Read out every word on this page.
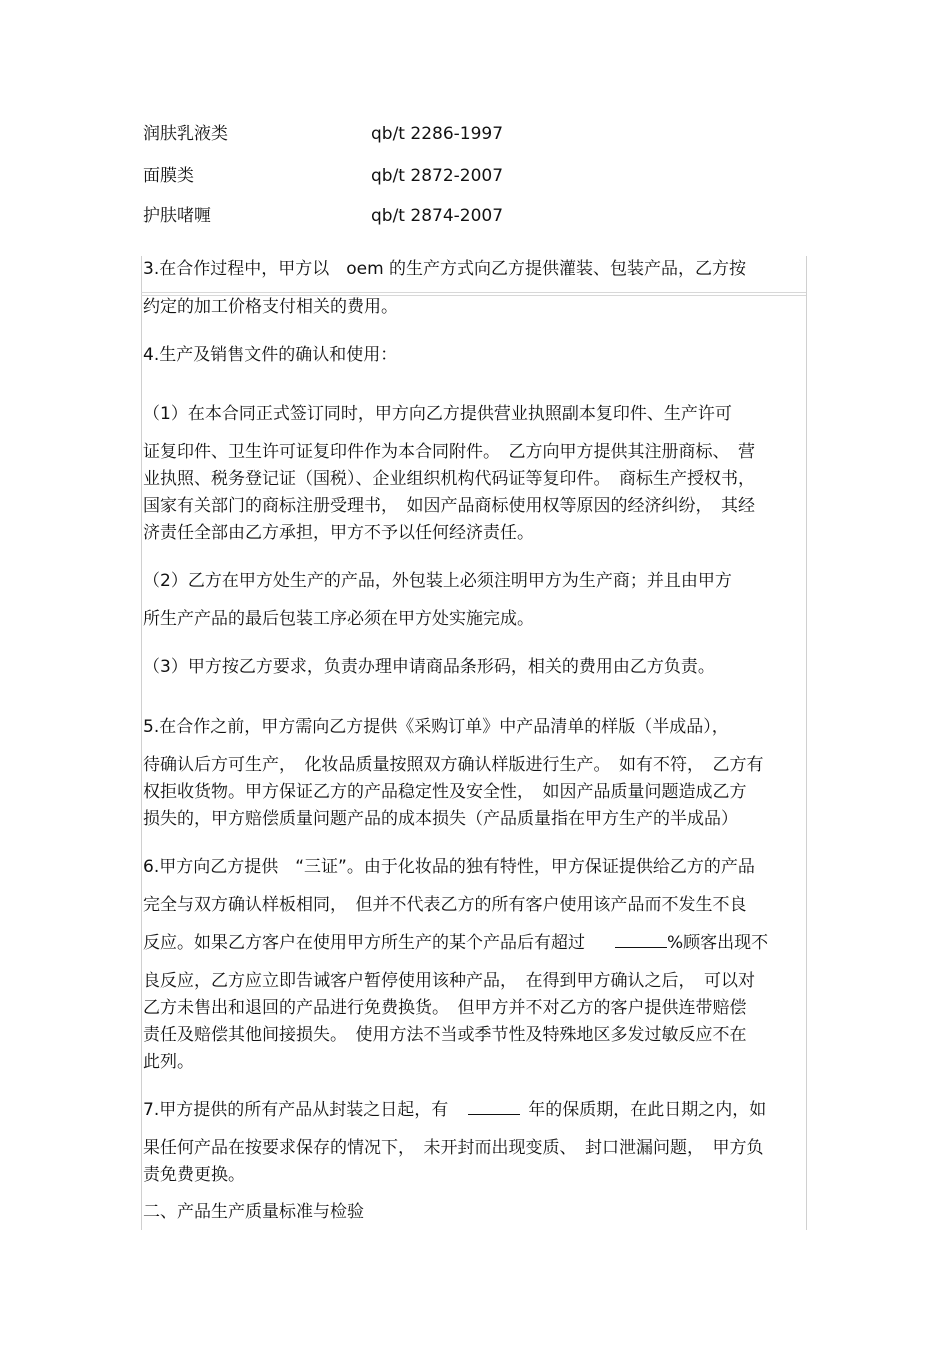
润肤乳液类	qb/t 2286-1997
面膜类	qb/t 2872-2007
护肤啫喱	qb/t 2874-2007
3.在合作过程中，甲方以　oem 的生产方式向乙方提供灌装、包装产品，乙方按
约定的加工价格支付相关的费用。
4.生产及销售文件的确认和使用：
（1）在本合同正式签订同时，甲方向乙方提供营业执照副本复印件、生产许可
证复印件、卫生许可证复印件作为本合同附件。　乙方向甲方提供其注册商标、　营
业执照、税务登记证（国税）、企业组织机构代码证等复印件。　商标生产授权书，
国家有关部门的商标注册受理书，　如因产品商标使用权等原因的经济纠纷，　其经
济责任全部由乙方承担，甲方不予以任何经济责任。
（2）乙方在甲方处生产的产品，外包装上必须注明甲方为生产商；并且由甲方
所生产产品的最后包装工序必须在甲方处实施完成。
（3）甲方按乙方要求，负责办理申请商品条形码，相关的费用由乙方负责。
5.在合作之前，甲方需向乙方提供《采购订单》中产品清单的样版（半成品），
待确认后方可生产，　化妆品质量按照双方确认样版进行生产。　如有不符，　乙方有
权拒收货物。甲方保证乙方的产品稳定性及安全性，　如因产品质量问题造成乙方
损失的，甲方赔偿质量问题产品的成本损失（产品质量指在甲方生产的半成品）
6.甲方向乙方提供　“三证”。由于化妆品的独有特性，甲方保证提供给乙方的产品
完全与双方确认样板相同，　但并不代表乙方的所有客户使用该产品而不发生不良
反应。如果乙方客户在使用甲方所生产的某个产品后有超过	%顾客出现不
良反应，乙方应立即告诫客户暂停使用该种产品，　在得到甲方确认之后，　可以对
乙方未售出和退回的产品进行免费换货。　但甲方并不对乙方的客户提供连带赔偿
责任及赔偿其他间接损失。　使用方法不当或季节性及特殊地区多发过敏反应不在
此列。
7.甲方提供的所有产品从封装之日起，有	年的保质期，在此日期之内，如
果任何产品在按要求保存的情况下，　未开封而出现变质、　封口泄漏问题，　甲方负
责免费更换。
二、产品生产质量标准与检验
